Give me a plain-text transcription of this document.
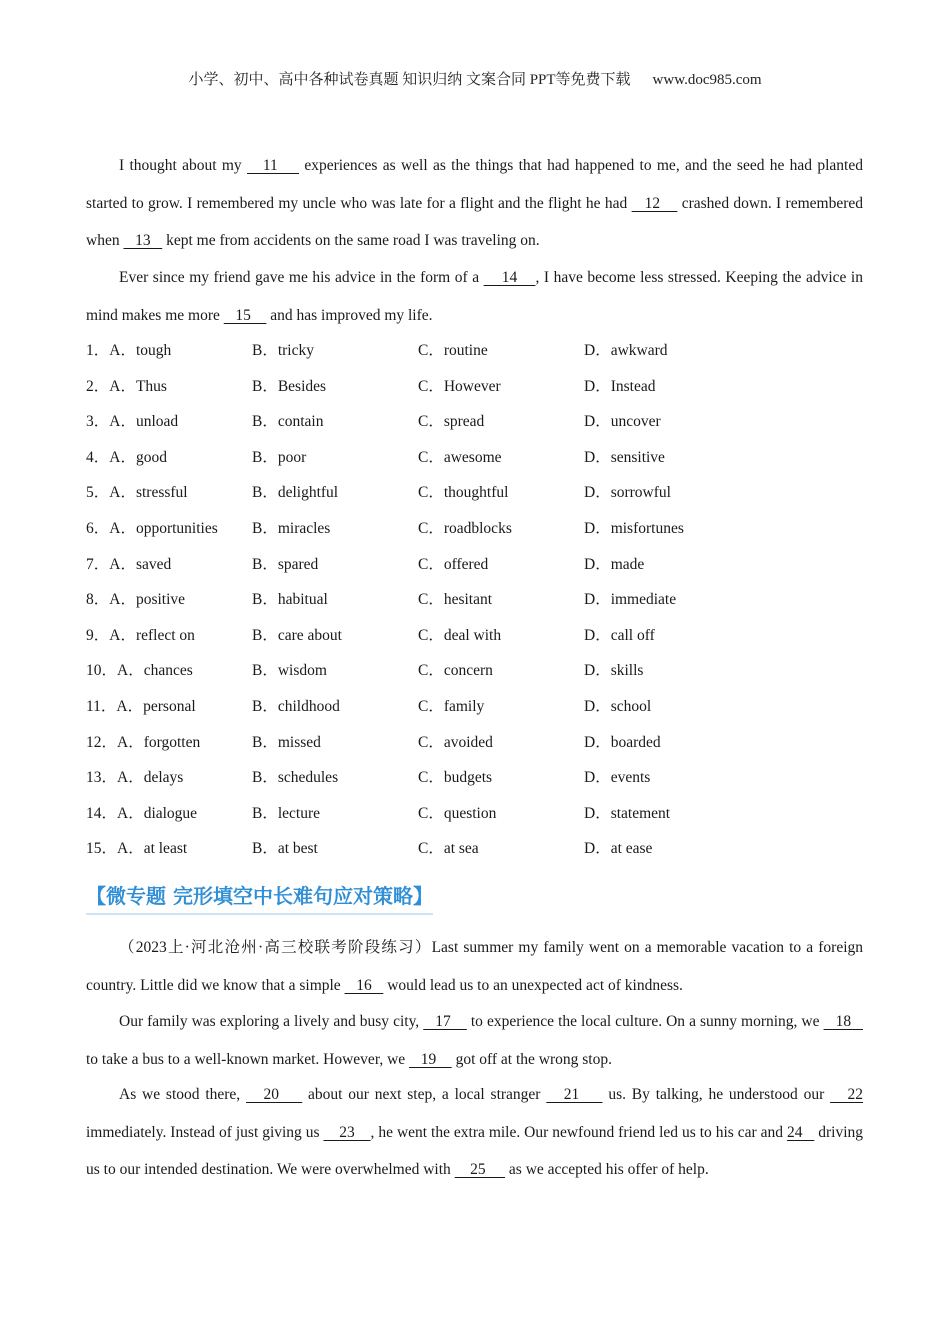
小学、初中、高中各种试卷真题 知识归纳 文案合同 PPT等免费下载 www.doc985.com

I thought about my    11     experiences as well as the things that had happened to me, and the seed he had planted started to grow. I remembered my uncle who was late for a flight and the flight he had    12     crashed down. I remembered when    13    kept me from accidents on the same road I was traveling on.

Ever since my friend gave me his advice in the form of a     14    , I have become less stressed. Keeping the advice in mind makes me more    15     and has improved my life.

1．A．tough	B．tricky	C．routine	D．awkward
2．A．Thus	B．Besides	C．However	D．Instead
3．A．unload	B．contain	C．spread	D．uncover
4．A．good	B．poor	C．awesome	D．sensitive
5．A．stressful	B．delightful	C．thoughtful	D．sorrowful
6．A．opportunities B．miracles	C．roadblocks	D．misfortunes
7．A．saved	B．spared	C．offered	D．made
8．A．positive	B．habitual	C．hesitant	D．immediate
9．A．reflect on	B．care about	C．deal with	D．call off
10．A．chances	B．wisdom	C．concern	D．skills
11．A．personal	B．childhood	C．family	D．school
12．A．forgotten	B．missed	C．avoided	D．boarded
13．A．delays	B．schedules	C．budgets	D．events
14．A．dialogue	B．lecture	C．question	D．statement
15．A．at least	B．at best	C．at sea	D．at ease
【微专题 完形填空中长难句应对策略】

（2023上·河北沧州·高三校联考阶段练习）Last summer my family went on a memorable vacation to a foreign country. Little did we know that a simple    16    would lead us to an unexpected act of kindness.

Our family was exploring a lively and busy city,    17     to experience the local culture. On a sunny morning, we    18    to take a bus to a well-known market. However, we    19     got off at the wrong stop.

As we stood there,    20     about our next step, a local stranger    21     us. By talking, he understood our    22 immediately. Instead of just giving us     23    , he went the extra mile. Our newfound friend led us to his car and 24    driving us to our intended destination. We were overwhelmed with     25      as we accepted his offer of help.
